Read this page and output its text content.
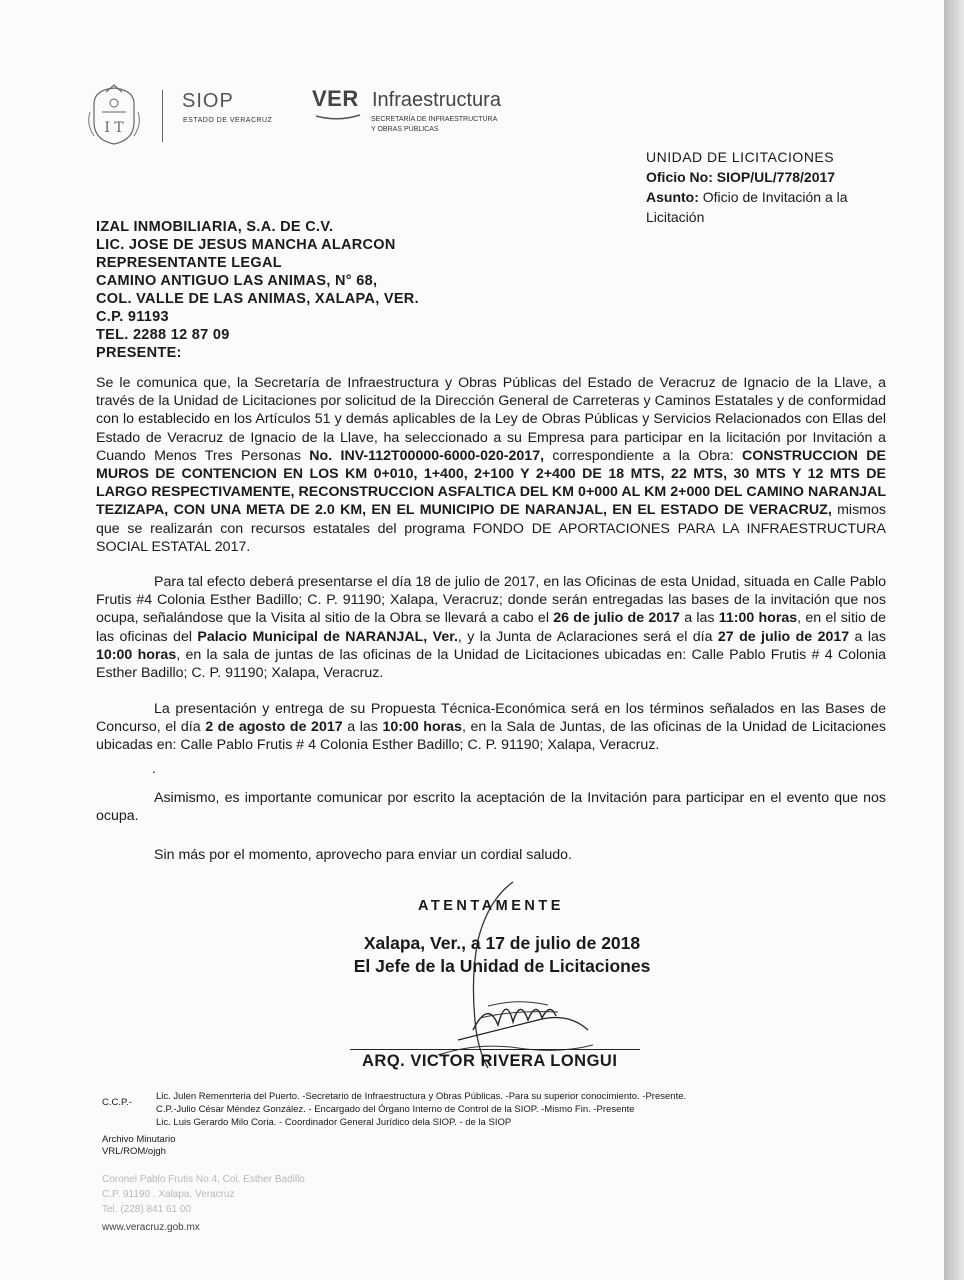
I T
SIOP
ESTADO DE VERACRUZ
VER Infraestructura
SECRETARÍA DE INFRAESTRUCTURA
Y OBRAS PÚBLICAS
UNIDAD DE LICITACIONES
Oficio No: SIOP/UL/778/2017
Asunto: Oficio de Invitación a la Licitación
IZAL INMOBILIARIA, S.A. DE C.V.
LIC. JOSE DE JESUS MANCHA ALARCON
REPRESENTANTE LEGAL
CAMINO ANTIGUO LAS ANIMAS, N° 68,
COL. VALLE DE LAS ANIMAS, XALAPA, VER.
C.P. 91193
TEL. 2288 12 87 09
PRESENTE:
Se le comunica que, la Secretaría de Infraestructura y Obras Públicas del Estado de Veracruz de Ignacio de la Llave, a través de la Unidad de Licitaciones por solicitud de la Dirección General de Carreteras y Caminos Estatales y de conformidad con lo establecido en los Artículos 51 y demás aplicables de la Ley de Obras Públicas y Servicios Relacionados con Ellas del Estado de Veracruz de Ignacio de la Llave, ha seleccionado a su Empresa para participar en la licitación por Invitación a Cuando Menos Tres Personas No. INV-112T00000-6000-020-2017, correspondiente a la Obra: CONSTRUCCION DE MUROS DE CONTENCION EN LOS KM 0+010, 1+400, 2+100 Y 2+400 DE 18 MTS, 22 MTS, 30 MTS Y 12 MTS DE LARGO RESPECTIVAMENTE, RECONSTRUCCION ASFALTICA DEL KM 0+000 AL KM 2+000 DEL CAMINO NARANJAL TEZIZAPA, CON UNA META DE 2.0 KM, EN EL MUNICIPIO DE NARANJAL, EN EL ESTADO DE VERACRUZ, mismos que se realizarán con recursos estatales del programa FONDO DE APORTACIONES PARA LA INFRAESTRUCTURA SOCIAL ESTATAL 2017.
Para tal efecto deberá presentarse el día 18 de julio de 2017, en las Oficinas de esta Unidad, situada en Calle Pablo Frutis #4 Colonia Esther Badillo; C. P. 91190; Xalapa, Veracruz; donde serán entregadas las bases de la invitación que nos ocupa, señalándose que la Visita al sitio de la Obra se llevará a cabo el 26 de julio de 2017 a las 11:00 horas, en el sitio de las oficinas del Palacio Municipal de NARANJAL, Ver., y la Junta de Aclaraciones será el día 27 de julio de 2017 a las 10:00 horas, en la sala de juntas de las oficinas de la Unidad de Licitaciones ubicadas en: Calle Pablo Frutis # 4 Colonia Esther Badillo; C. P. 91190; Xalapa, Veracruz.
La presentación y entrega de su Propuesta Técnica-Económica será en los términos señalados en las Bases de Concurso, el día 2 de agosto de 2017 a las 10:00 horas, en la Sala de Juntas, de las oficinas de la Unidad de Licitaciones ubicadas en: Calle Pablo Frutis # 4 Colonia Esther Badillo; C. P. 91190; Xalapa, Veracruz.
.
Asimismo, es importante comunicar por escrito la aceptación de la Invitación para participar en el evento que nos ocupa.
Sin más por el momento, aprovecho para enviar un cordial saludo.
ATENTAMENTE
Xalapa, Ver., a 17 de julio de 2018
El Jefe de la Unidad de Licitaciones
ARQ. VICTOR RIVERA LONGUI
C.C.P.-
Lic. Julen Remenrteria del Puerto. -Secretario de Infraestructura y Obras Públicas. -Para su superior conocimiento. -Presente.
C.P.-Julio César Méndez González. - Encargado del Órgano Interno de Control de la SIOP. -Mismo Fin. -Presente
Lic. Luis Gerardo Milo Coria. - Coordinador General Jurídico dela SIOP. - de la SIOP
Archivo Minutario
VRL/ROM/ojgh
Coronel Pablo Frutis No.4, Col. Esther Badillo
C.P. 91190 . Xalapa, Veracruz
Tel. (228) 841 61 00
www.veracruz.gob.mx
